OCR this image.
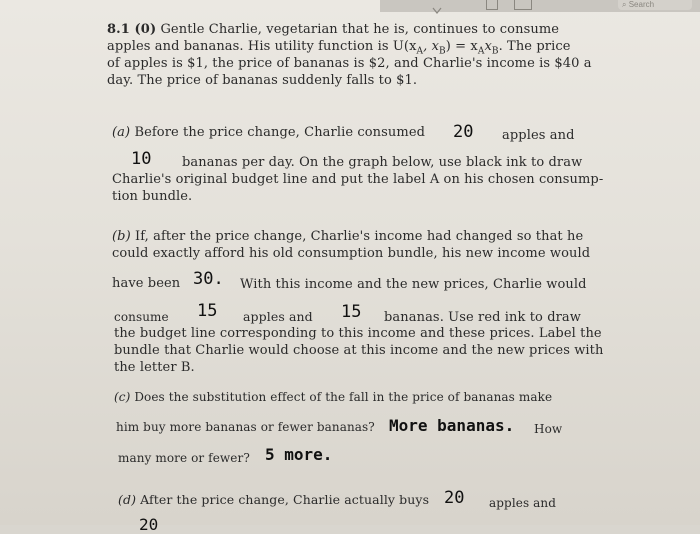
⌕ Search
8.1 (0) Gentle Charlie, vegetarian that he is, continues to consume
apples and bananas. His utility function is $U(x_A$, $x_B) = x_Ax_B$. The price
of apples is $1, the price of bananas is $2, and Charlie's income is $40 a
day. The price of bananas suddenly falls to $1.
(a) Before the price change, Charlie consumed 20 apples and
10 bananas per day. On the graph below, use black ink to draw
Charlie's original budget line and put the label A on his chosen consump-
tion bundle.
(b) If, after the price change, Charlie's income had changed so that he
could exactly afford his old consumption bundle, his new income would
have been 30. With this income and the new prices, Charlie would
consume 15 apples and 15 bananas. Use red ink to draw
the budget line corresponding to this income and these prices. Label the
bundle that Charlie would choose at this income and the new prices with
the letter B.
(c) Does the substitution effect of the fall in the price of bananas make
him buy more bananas or fewer bananas? More bananas. How
many more or fewer? 5 more.
(d) After the price change, Charlie actually buys 20 apples and
20
